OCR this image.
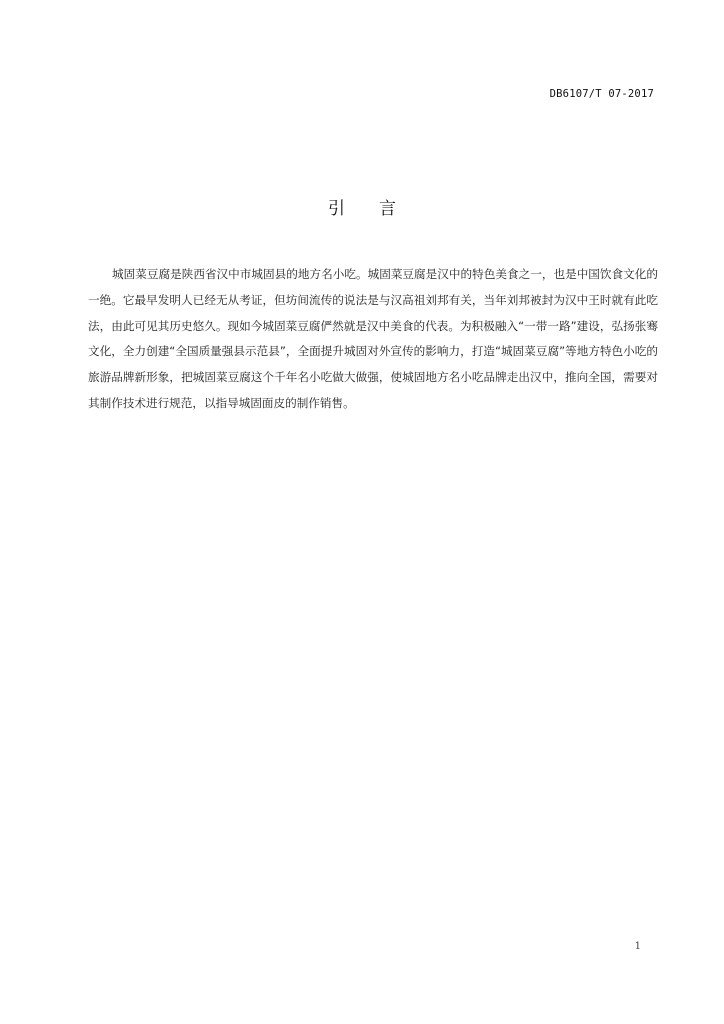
DB6107/T 07-2017
引　　言

城固菜豆腐是陕西省汉中市城固县的地方名小吃。城固菜豆腐是汉中的特色美食之一，也是中国饮食文化的一绝。它最早发明人已经无从考证，但坊间流传的说法是与汉高祖刘邦有关，当年刘邦被封为汉中王时就有此吃法，由此可见其历史悠久。现如今城固菜豆腐俨然就是汉中美食的代表。为积极融入“一带一路”建设，弘扬张骞文化，全力创建“全国质量强县示范县”，全面提升城固对外宣传的影响力，打造“城固菜豆腐”等地方特色小吃的旅游品牌新形象，把城固菜豆腐这个千年名小吃做大做强，使城固地方名小吃品牌走出汉中，推向全国，需要对其制作技术进行规范，以指导城固面皮的制作销售。

1
